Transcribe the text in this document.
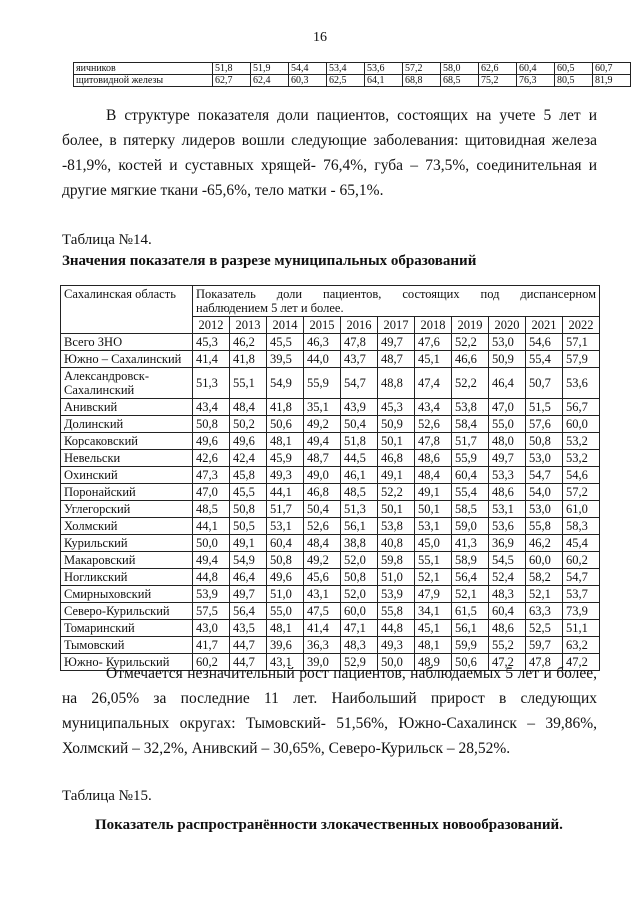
16
яичников	51,8	51,9	54,4	53,4	53,6	57,2	58,0	62,6	60,4	60,5	60,7
щитовидной железы	62,7	62,4	60,3	62,5	64,1	68,8	68,5	75,2	76,3	80,5	81,9
В структуре показателя доли пациентов, состоящих на учете 5 лет и более, в пятерку лидеров вошли следующие заболевания: щитовидная железа -81,9%, костей и суставных хрящей- 76,4%, губа – 73,5%, соединительная и другие мягкие ткани -65,6%, тело матки - 65,1%.
Таблица №14.
Значения показателя в разрезе муниципальных образований
Сахалинская область	Показатель доли пациентов, состоящих под диспансерном
наблюдением 5 лет и более.										

	2012	2013	2014	2015	2016	2017	2018	2019	2020	2021	2022
Всего ЗНО	45,3	46,2	45,5	46,3	47,8	49,7	47,6	52,2	53,0	54,6	57,1
Южно – Сахалинский	41,4	41,8	39,5	44,0	43,7	48,7	45,1	46,6	50,9	55,4	57,9
Александровск-Сахалинский	51,3	55,1	54,9	55,9	54,7	48,8	47,4	52,2	46,4	50,7	53,6
Анивский	43,4	48,4	41,8	35,1	43,9	45,3	43,4	53,8	47,0	51,5	56,7
Долинский	50,8	50,2	50,6	49,2	50,4	50,9	52,6	58,4	55,0	57,6	60,0
Корсаковский	49,6	49,6	48,1	49,4	51,8	50,1	47,8	51,7	48,0	50,8	53,2
Невельски	42,6	42,4	45,9	48,7	44,5	46,8	48,6	55,9	49,7	53,0	53,2
Охинский	47,3	45,8	49,3	49,0	46,1	49,1	48,4	60,4	53,3	54,7	54,6
Поронайский	47,0	45,5	44,1	46,8	48,5	52,2	49,1	55,4	48,6	54,0	57,2
Углегорский	48,5	50,8	51,7	50,4	51,3	50,1	50,1	58,5	53,1	53,0	61,0
Холмский	44,1	50,5	53,1	52,6	56,1	53,8	53,1	59,0	53,6	55,8	58,3
Курильский	50,0	49,1	60,4	48,4	38,8	40,8	45,0	41,3	36,9	46,2	45,4
Макаровский	49,4	54,9	50,8	49,2	52,0	59,8	55,1	58,9	54,5	60,0	60,2
Ногликский	44,8	46,4	49,6	45,6	50,8	51,0	52,1	56,4	52,4	58,2	54,7
Смирныховский	53,9	49,7	51,0	43,1	52,0	53,9	47,9	52,1	48,3	52,1	53,7
Северо-Курильский	57,5	56,4	55,0	47,5	60,0	55,8	34,1	61,5	60,4	63,3	73,9
Томаринский	43,0	43,5	48,1	41,4	47,1	44,8	45,1	56,1	48,6	52,5	51,1
Тымовский	41,7	44,7	39,6	36,3	48,3	49,3	48,1	59,9	55,2	59,7	63,2
Южно- Курильский	60,2	44,7	43,1	39,0	52,9	50,0	48,9	50,6	47,2	47,8	47,2
Отмечается незначительный рост пациентов, наблюдаемых 5 лет и более, на 26,05% за последние 11 лет. Наибольший прирост в следующих муниципальных округах: Тымовский- 51,56%, Южно-Сахалинск – 39,86%, Холмский – 32,2%, Анивский – 30,65%, Северо-Курильск – 28,52%.
Таблица №15.
Показатель распространённости злокачественных новообразований.
